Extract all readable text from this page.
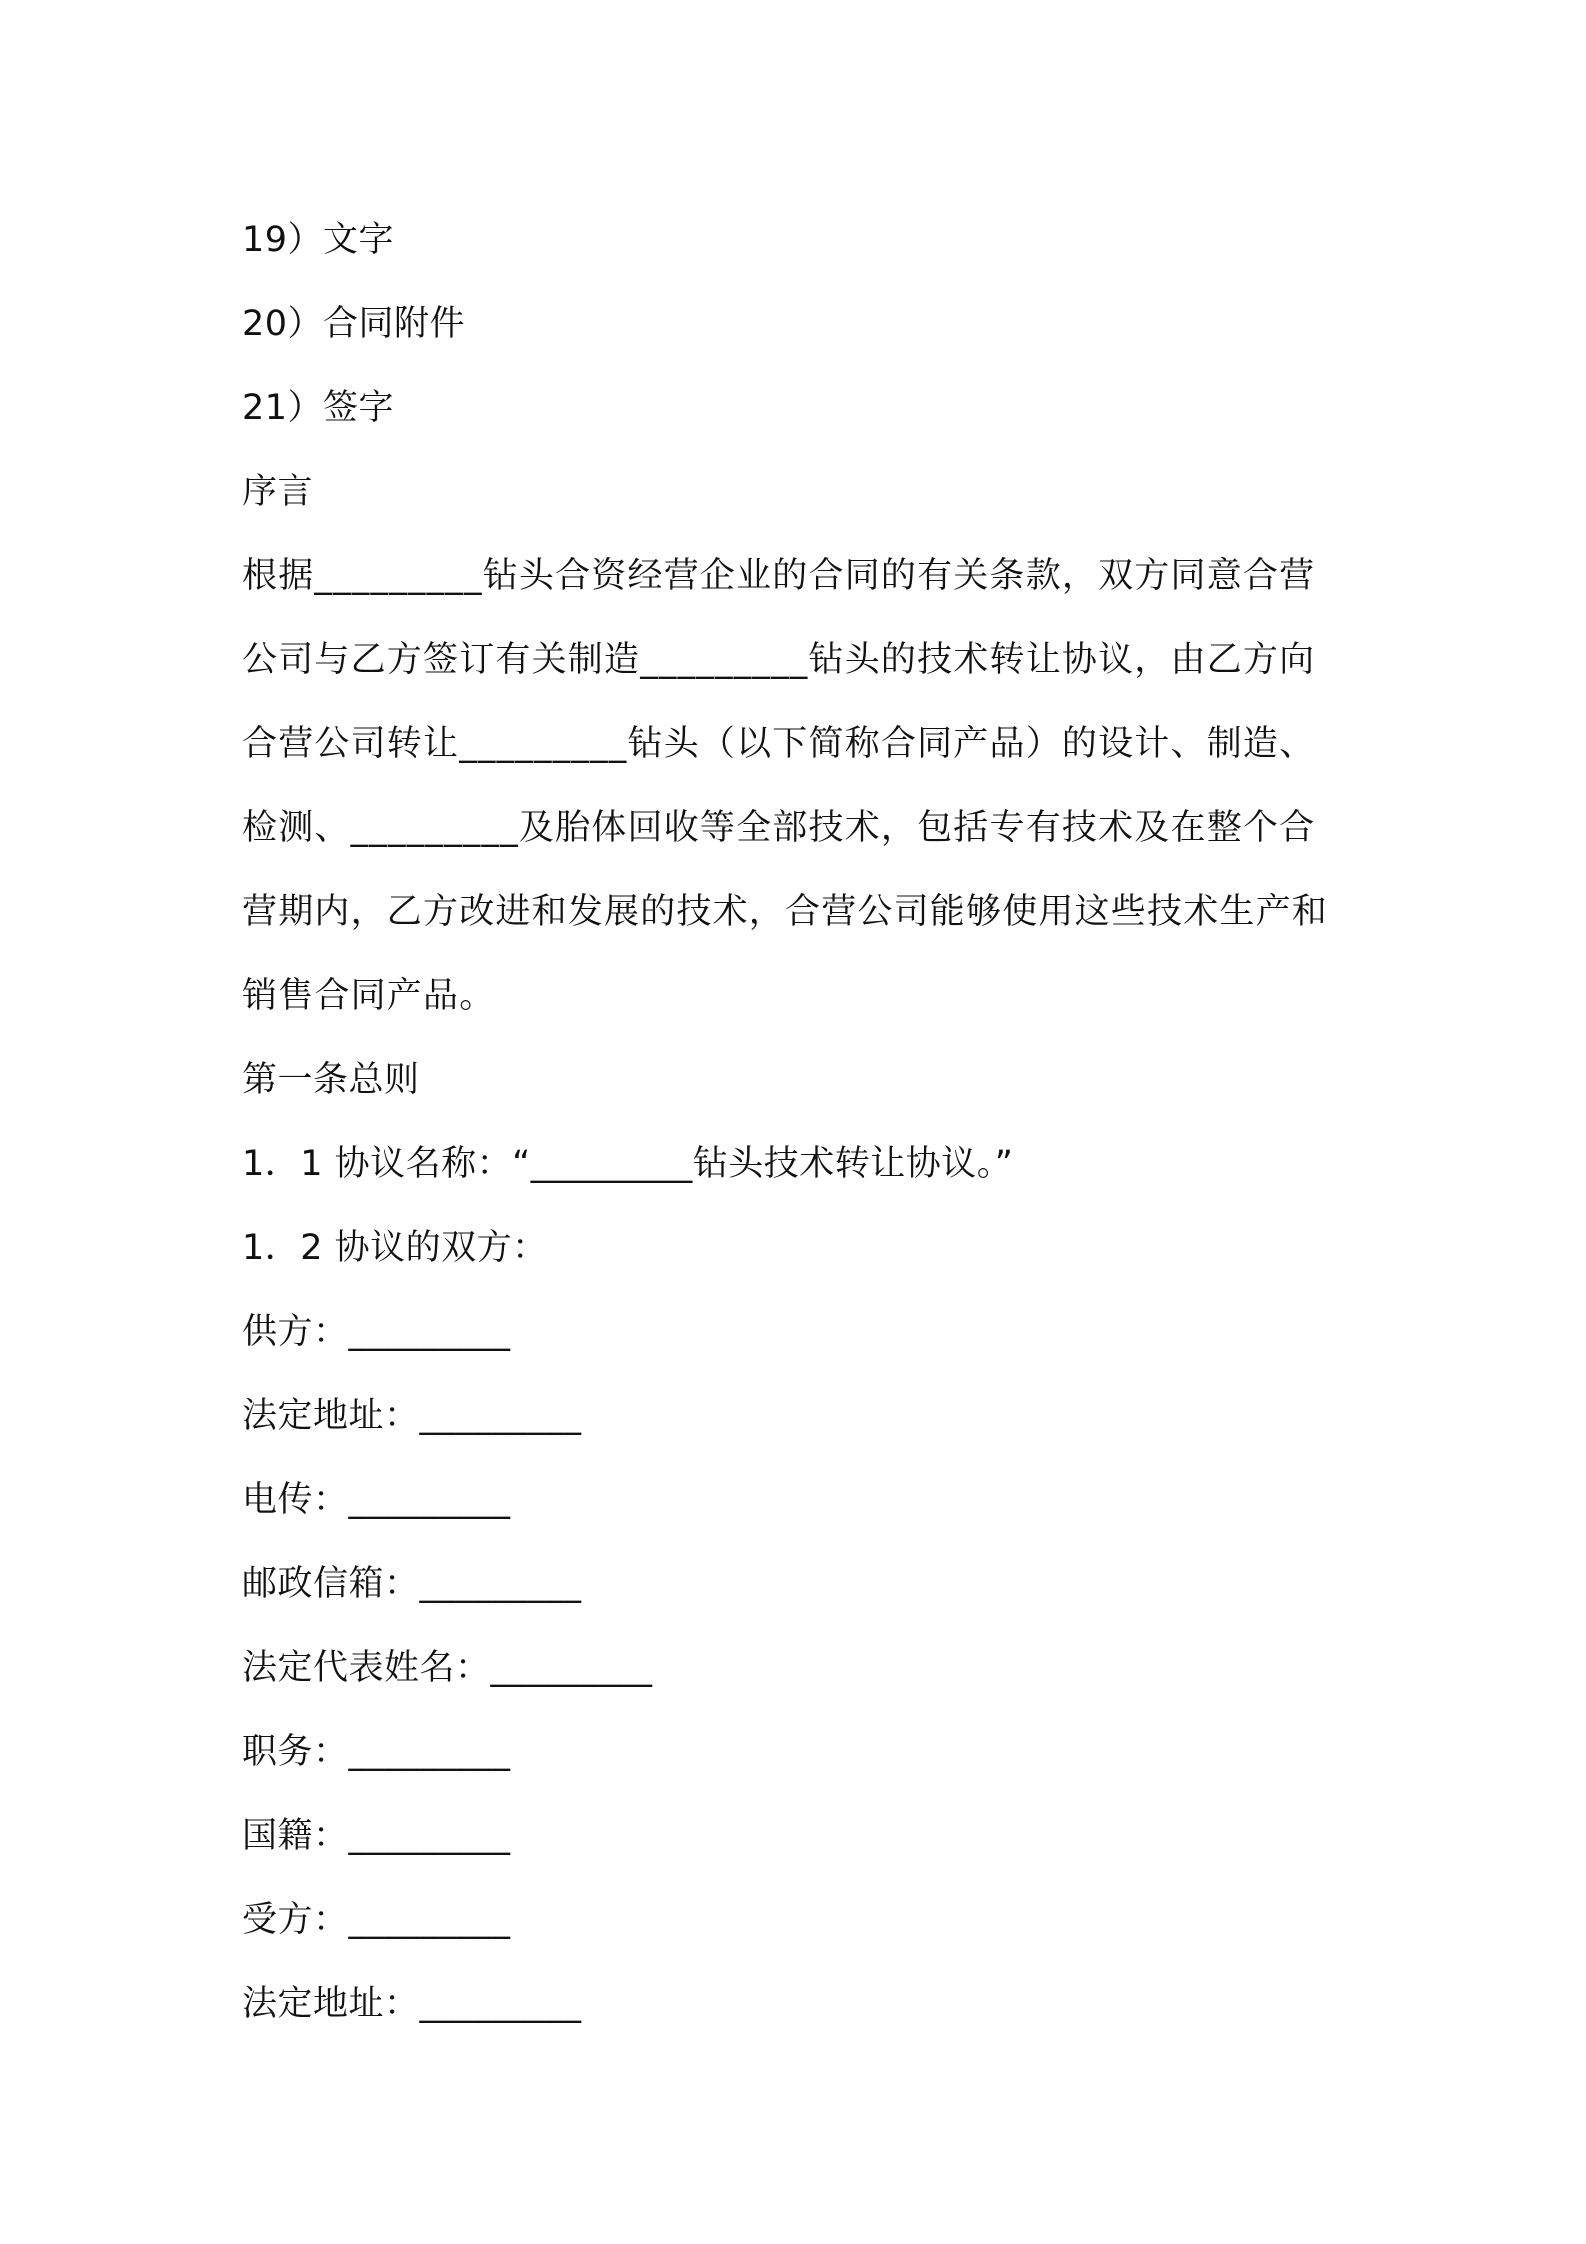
19）文字
20）合同附件
21）签字
序言
根据_________钻头合资经营企业的合同的有关条款，双方同意合营
公司与乙方签订有关制造_________钻头的技术转让协议，由乙方向
合营公司转让_________钻头（以下简称合同产品）的设计、制造、
检测、_________及胎体回收等全部技术，包括专有技术及在整个合
营期内，乙方改进和发展的技术，合营公司能够使用这些技术生产和
销售合同产品。
第一条总则
1．1 协议名称：“_________钻头技术转让协议。”
1．2 协议的双方：
供方：_________
法定地址：_________
电传：_________
邮政信箱：_________
法定代表姓名：_________
职务：_________
国籍：_________
受方：_________
法定地址：_________
